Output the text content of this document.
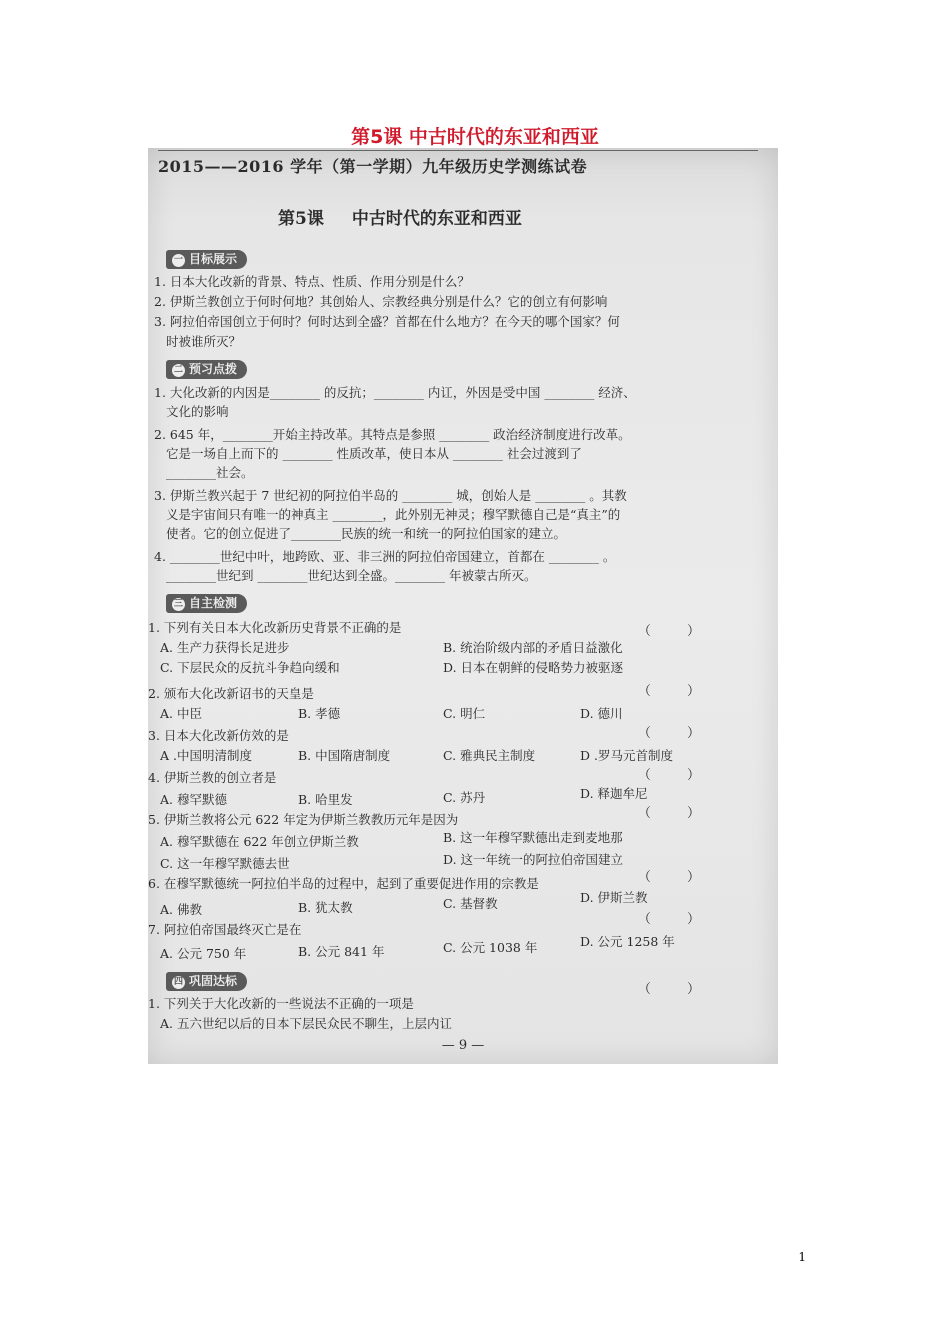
第5课 中古时代的东亚和西亚
2015——2016 学年（第一学期）九年级历史学测练试卷
第5课 中古时代的东亚和西亚
一 目标展示
1. 日本大化改新的背景、特点、性质、作用分别是什么？
2. 伊斯兰教创立于何时何地？其创始人、宗教经典分别是什么？它的创立有何影响
3. 阿拉伯帝国创立于何时？何时达到全盛？首都在什么地方？在今天的哪个国家？何
时被谁所灭？
二 预习点拨
1. 大化改新的内因是________ 的反抗；________ 内讧，外因是受中国 ________ 经济、
文化的影响
2. 645 年，________开始主持改革。其特点是参照 ________ 政治经济制度进行改革。
它是一场自上而下的 ________ 性质改革，使日本从 ________ 社会过渡到了
________社会。
3. 伊斯兰教兴起于 7 世纪初的阿拉伯半岛的 ________ 城，创始人是 ________ 。其教
义是宇宙间只有唯一的神真主 ________，此外别无神灵；穆罕默德自己是“真主”的
使者。它的创立促进了________民族的统一和统一的阿拉伯国家的建立。
4. ________世纪中叶，地跨欧、亚、非三洲的阿拉伯帝国建立，首都在 ________ 。
________世纪到 ________世纪达到全盛。________ 年被蒙古所灭。
三 自主检测
1. 下列有关日本大化改新历史背景不正确的是	（ ）
A. 生产力获得长足进步	B. 统治阶级内部的矛盾日益激化
C. 下层民众的反抗斗争趋向缓和	D. 日本在朝鲜的侵略势力被驱逐
（ ）
2. 颁布大化改新诏书的天皇是
A. 中臣	B. 孝德	C. 明仁	D. 德川
（ ）
3. 日本大化改新仿效的是
A .中国明清制度	B. 中国隋唐制度	C. 雅典民主制度	D .罗马元首制度
（ ）
4. 伊斯兰教的创立者是
A. 穆罕默德	B. 哈里发	C. 苏丹	D. 释迦牟尼
（ ）
5. 伊斯兰教将公元 622 年定为伊斯兰教教历元年是因为
A. 穆罕默德在 622 年创立伊斯兰教	B. 这一年穆罕默德出走到麦地那
C. 这一年穆罕默德去世	D. 这一年统一的阿拉伯帝国建立
（ ）
6. 在穆罕默德统一阿拉伯半岛的过程中，起到了重要促进作用的宗教是
A. 佛教	B. 犹太教	C. 基督教	D. 伊斯兰教
（ ）
7. 阿拉伯帝国最终灭亡是在
A. 公元 750 年	B. 公元 841 年	C. 公元 1038 年	D. 公元 1258 年
四 巩固达标
（ ）
1. 下列关于大化改新的一些说法不正确的一项是
A. 五六世纪以后的日本下层民众民不聊生，上层内讧
— 9 —
1
